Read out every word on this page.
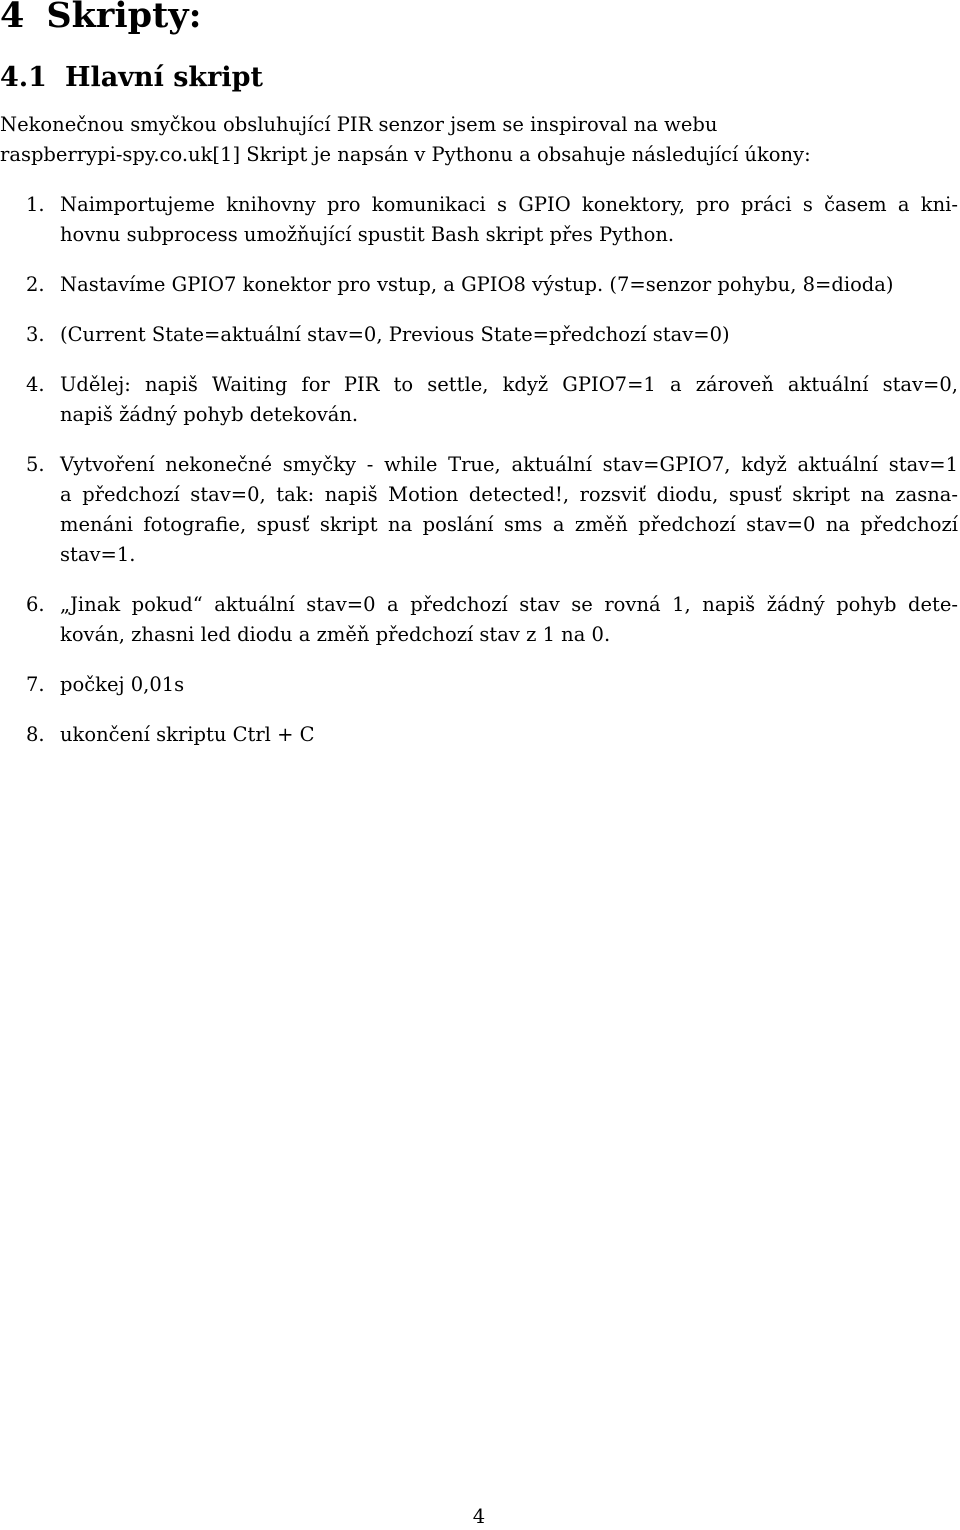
4 Skripty:
4.1 Hlavní skript

Nekonečnou smyčkou obsluhující PIR senzor jsem se inspiroval na webu
raspberrypi-spy.co.uk[1] Skript je napsán v Pythonu a obsahuje následující úkony:

1. Naimportujeme knihovny pro komunikaci s GPIO konektory, pro práci s časem a kni-
hovnu subprocess umožňující spustit Bash skript přes Python.
2. Nastavíme GPIO7 konektor pro vstup, a GPIO8 výstup. (7=senzor pohybu, 8=dioda)
3. (Current State=aktuální stav=0, Previous State=předchozí stav=0)
4. Udělej: napiš Waiting for PIR to settle, když GPIO7=1 a zároveň aktuální stav=0,
napiš žádný pohyb detekován.
5. Vytvoření nekonečné smyčky - while True, aktuální stav=GPIO7, když aktuální stav=1
a předchozí stav=0, tak: napiš Motion detected!, rozsviť diodu, spusť skript na zasna-
menáni fotografie, spusť skript na poslání sms a změň předchozí stav=0 na předchozí
stav=1.
6. „Jinak pokud“ aktuální stav=0 a předchozí stav se rovná 1, napiš žádný pohyb dete-
kován, zhasni led diodu a změň předchozí stav z 1 na 0.
7. počkej 0,01s
8. ukončení skriptu Ctrl + C
4
